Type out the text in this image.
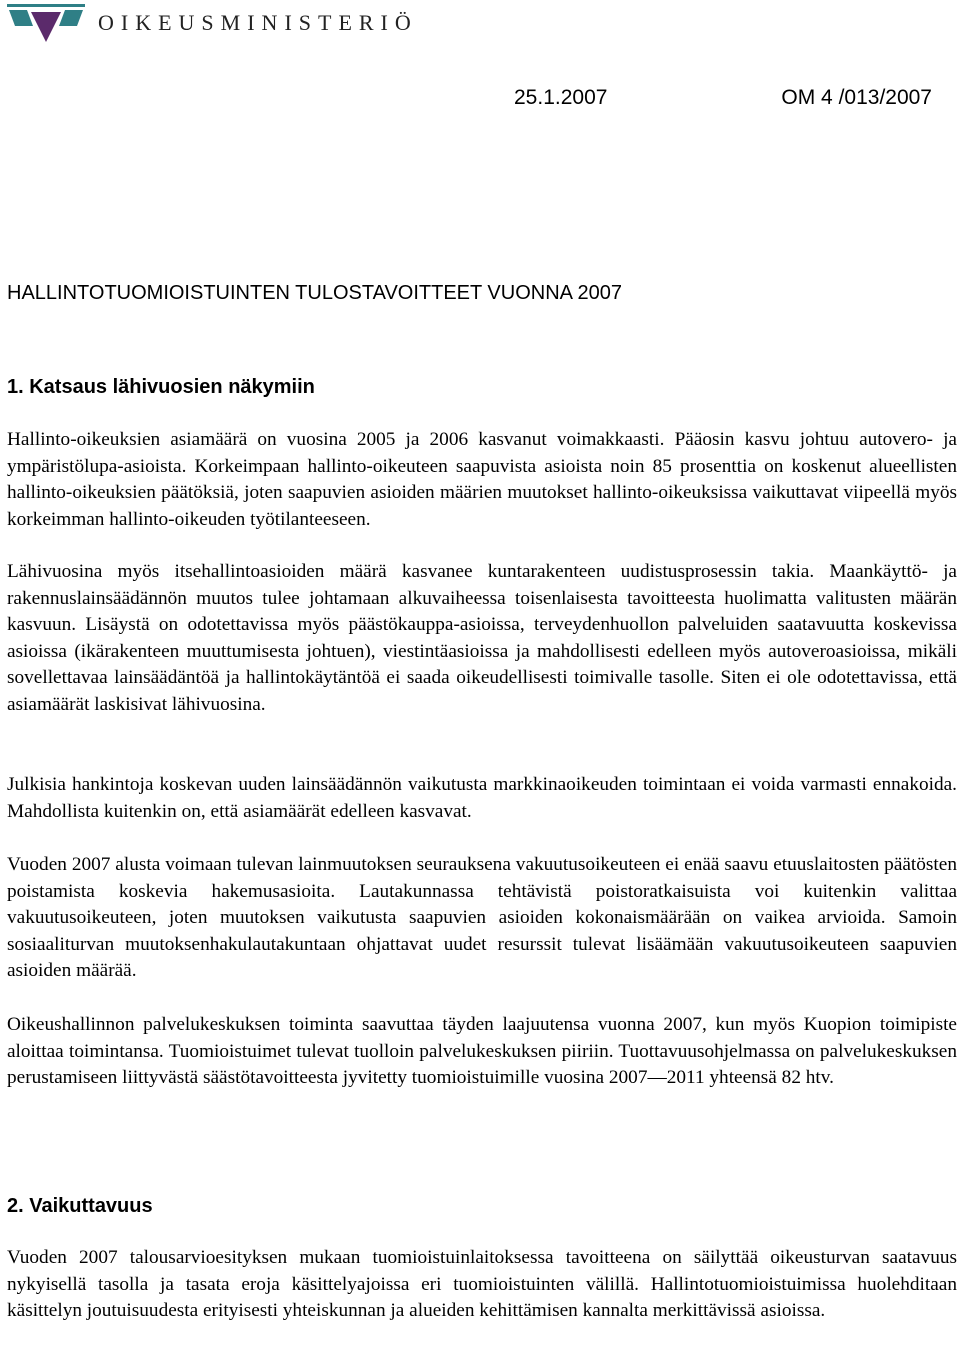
OIKEUSMINISTERIÖ
25.1.2007	OM 4 /013/2007
HALLINTOTUOMIOISTUINTEN TULOSTAVOITTEET VUONNA 2007
1. Katsaus lähivuosien näkymiin
Hallinto-oikeuksien asiamäärä on vuosina 2005 ja 2006 kasvanut voimakkaasti. Pääosin kasvu johtuu autovero- ja ympäristölupa-asioista. Korkeimpaan hallinto-oikeuteen saapuvista asioista noin 85 prosenttia on koskenut alueellisten hallinto-oikeuksien päätöksiä, joten saapuvien asioiden määrien muutokset hallinto-oikeuksissa vaikuttavat viipeellä myös korkeimman hallinto-oikeuden työtilanteeseen.
Lähivuosina myös itsehallintoasioiden määrä kasvanee kuntarakenteen uudistusprosessin takia. Maankäyttö- ja rakennuslainsäädännön muutos tulee johtamaan alkuvaiheessa toisenlaisesta tavoitteesta huolimatta valitusten määrän kasvuun. Lisäystä on odotettavissa myös päästökauppa-asioissa, terveydenhuollon palveluiden saatavuutta koskevissa asioissa (ikärakenteen muuttumisesta johtuen), viestintäasioissa ja mahdollisesti edelleen myös autoveroasioissa, mikäli sovellettavaa lainsäädäntöä ja hallintokäytäntöä ei saada oikeudellisesti toimivalle tasolle. Siten ei ole odotettavissa, että asiamäärät laskisivat lähivuosina.
Julkisia hankintoja koskevan uuden lainsäädännön vaikutusta markkinaoikeuden toimintaan ei voida varmasti ennakoida. Mahdollista kuitenkin on, että asiamäärät edelleen kasvavat.
Vuoden 2007 alusta voimaan tulevan lainmuutoksen seurauksena vakuutusoikeuteen ei enää saavu etuuslaitosten päätösten poistamista koskevia hakemusasioita. Lautakunnassa tehtävistä poistoratkaisuista voi kuitenkin valittaa vakuutusoikeuteen, joten muutoksen vaikutusta saapuvien asioiden kokonaismäärään on vaikea arvioida. Samoin sosiaaliturvan muutoksenhakulautakuntaan ohjattavat uudet resurssit tulevat lisäämään vakuutusoikeuteen saapuvien asioiden määrää.
Oikeushallinnon palvelukeskuksen toiminta saavuttaa täyden laajuutensa vuonna 2007, kun myös Kuopion toimipiste aloittaa toimintansa. Tuomioistuimet tulevat tuolloin palvelukeskuksen piiriin. Tuottavuusohjelmassa on palvelukeskuksen perustamiseen liittyvästä säästötavoitteesta jyvitetty tuomioistuimille vuosina 2007—2011 yhteensä 82 htv.
2. Vaikuttavuus
Vuoden 2007 talousarvioesityksen mukaan tuomioistuinlaitoksessa tavoitteena on säilyttää oikeusturvan saatavuus nykyisellä tasolla ja tasata eroja käsittelyajoissa eri tuomioistuinten välillä. Hallintotuomioistuimissa huolehditaan käsittelyn joutuisuudesta erityisesti yhteiskunnan ja alueiden kehittämisen kannalta merkittävissä asioissa.
